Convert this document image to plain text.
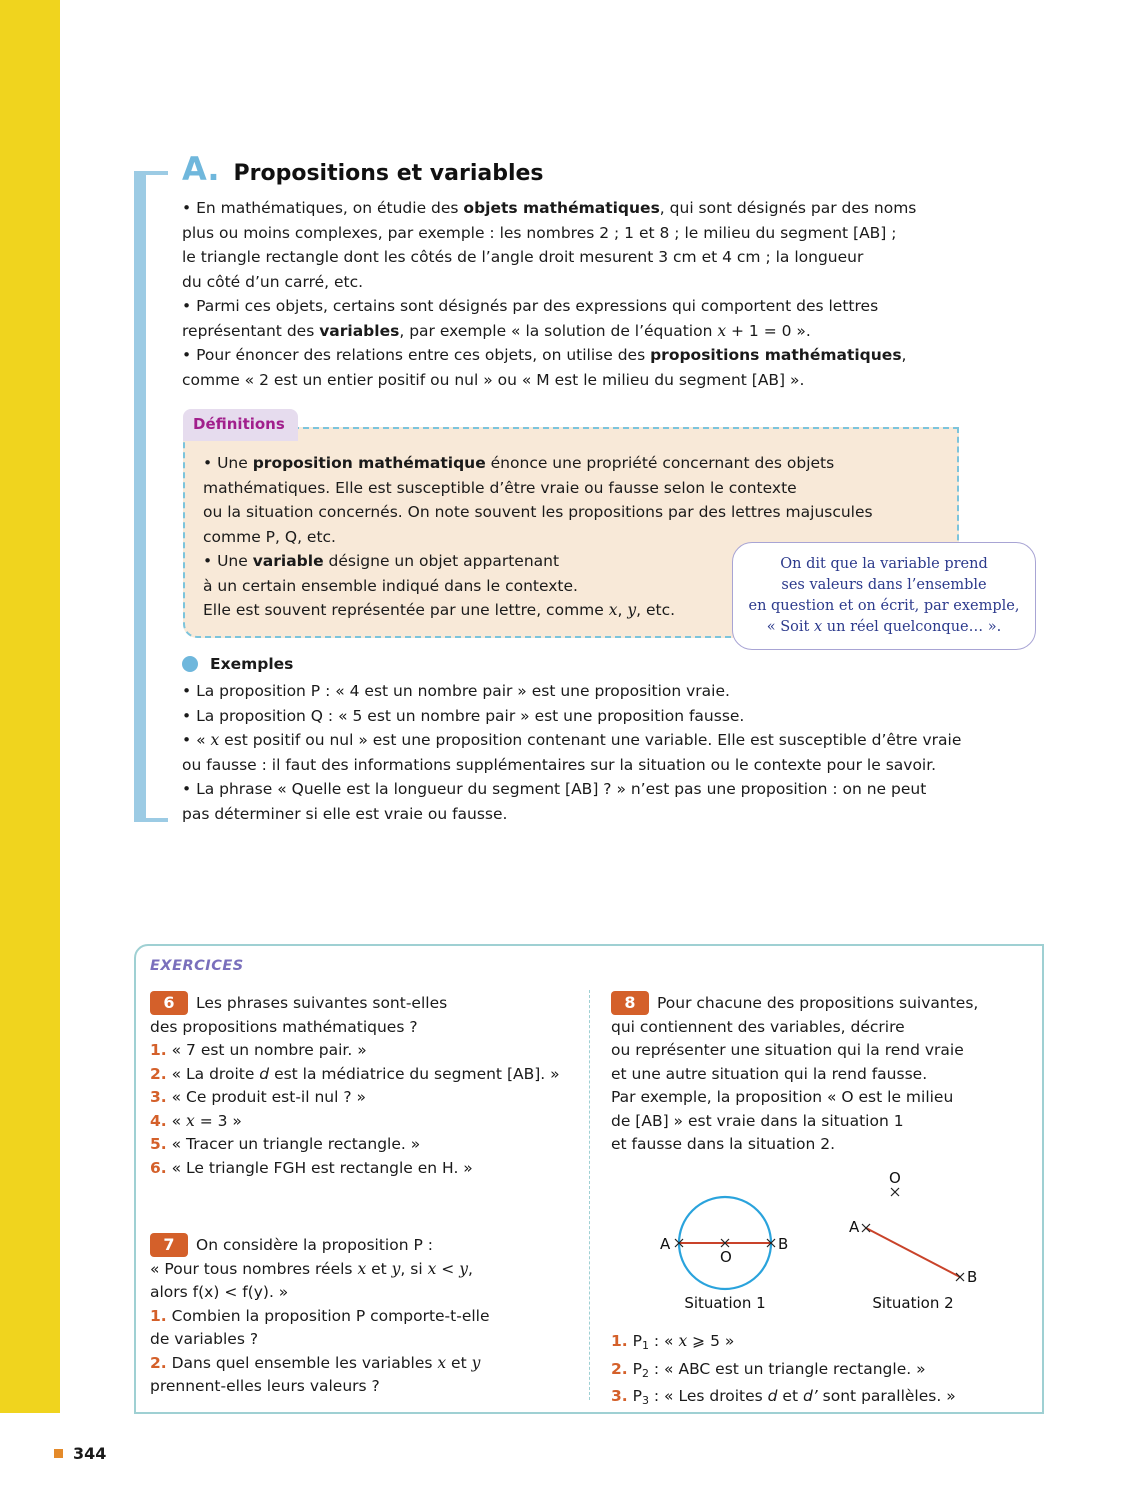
A. Propositions et variables
• En mathématiques, on étudie des objets mathématiques, qui sont désignés par des noms
plus ou moins complexes, par exemple : les nombres 2 ; 1 et 8 ; le milieu du segment [AB] ;
le triangle rectangle dont les côtés de l’angle droit mesurent 3 cm et 4 cm ; la longueur
du côté d’un carré, etc.
• Parmi ces objets, certains sont désignés par des expressions qui comportent des lettres
représentant des variables, par exemple « la solution de l’équation x + 1 = 0 ».
• Pour énoncer des relations entre ces objets, on utilise des propositions mathématiques,
comme « 2 est un entier positif ou nul » ou « M est le milieu du segment [AB] ».
Définitions
• Une proposition mathématique énonce une propriété concernant des objets
mathématiques. Elle est susceptible d’être vraie ou fausse selon le contexte
ou la situation concernés. On note souvent les propositions par des lettres majuscules
comme P, Q, etc.
• Une variable désigne un objet appartenant
à un certain ensemble indiqué dans le contexte.
Elle est souvent représentée par une lettre, comme x, y, etc.
On dit que la variable prend
ses valeurs dans l’ensemble
en question et on écrit, par exemple,
« Soit x un réel quelconque… ».
Exemples
• La proposition P : « 4 est un nombre pair » est une proposition vraie.
• La proposition Q : « 5 est un nombre pair » est une proposition fausse.
• « x est positif ou nul » est une proposition contenant une variable. Elle est susceptible d’être vraie
ou fausse : il faut des informations supplémentaires sur la situation ou le contexte pour le savoir.
• La phrase « Quelle est la longueur du segment [AB] ? » n’est pas une proposition : on ne peut
pas déterminer si elle est vraie ou fausse.
EXERCICES
6 Les phrases suivantes sont-elles
des propositions mathématiques ?
1. « 7 est un nombre pair. »
2. « La droite d est la médiatrice du segment [AB]. »
3. « Ce produit est-il nul ? »
4. « x = 3 »
5. « Tracer un triangle rectangle. »
6. « Le triangle FGH est rectangle en H. »
7 On considère la proposition P :
« Pour tous nombres réels x et y, si x < y,
alors f(x) < f(y). »
1. Combien la proposition P comporte-t-elle
de variables ?
2. Dans quel ensemble les variables x et y
prennent-elles leurs valeurs ?
8 Pour chacune des propositions suivantes,
qui contiennent des variables, décrire
ou représenter une situation qui la rend vraie
et une autre situation qui la rend fausse.
Par exemple, la proposition « O est le milieu
de [AB] » est vraie dans la situation 1
et fausse dans la situation 2.
A	B
O
Situation 1
O
A
B
Situation 2
1. $P_1$ : « x ⩾ 5 »
2. $P_2$ : « ABC est un triangle rectangle. »
3. $P_3$ : « Les droites d et d’ sont parallèles. »
344
